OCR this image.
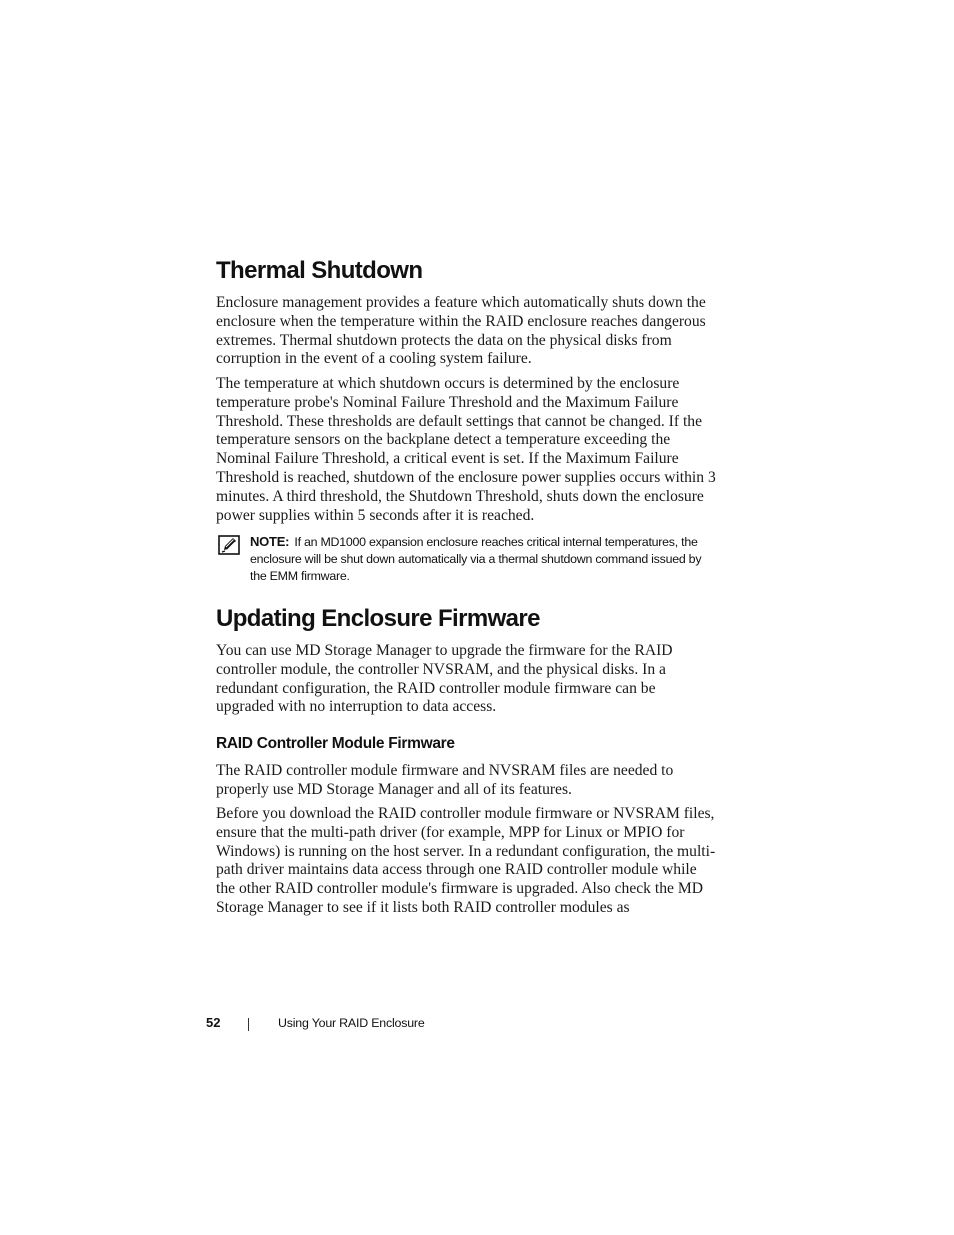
Thermal Shutdown

Enclosure management provides a feature which automatically shuts down the enclosure when the temperature within the RAID enclosure reaches dangerous extremes. Thermal shutdown protects the data on the physical disks from corruption in the event of a cooling system failure.

The temperature at which shutdown occurs is determined by the enclosure temperature probe's Nominal Failure Threshold and the Maximum Failure Threshold. These thresholds are default settings that cannot be changed. If the temperature sensors on the backplane detect a temperature exceeding the Nominal Failure Threshold, a critical event is set. If the Maximum Failure Threshold is reached, shutdown of the enclosure power supplies occurs within 3 minutes. A third threshold, the Shutdown Threshold, shuts down the enclosure power supplies within 5 seconds after it is reached.

NOTE: If an MD1000 expansion enclosure reaches critical internal temperatures, the enclosure will be shut down automatically via a thermal shutdown command issued by the EMM firmware.
Updating Enclosure Firmware

You can use MD Storage Manager to upgrade the firmware for the RAID controller module, the controller NVSRAM, and the physical disks. In a redundant configuration, the RAID controller module firmware can be upgraded with no interruption to data access.

RAID Controller Module Firmware

The RAID controller module firmware and NVSRAM files are needed to properly use MD Storage Manager and all of its features.

Before you download the RAID controller module firmware or NVSRAM files, ensure that the multi-path driver (for example, MPP for Linux or MPIO for Windows) is running on the host server. In a redundant configuration, the multi-path driver maintains data access through one RAID controller module while the other RAID controller module's firmware is upgraded. Also check the MD Storage Manager to see if it lists both RAID controller modules as

52	Using Your RAID Enclosure
